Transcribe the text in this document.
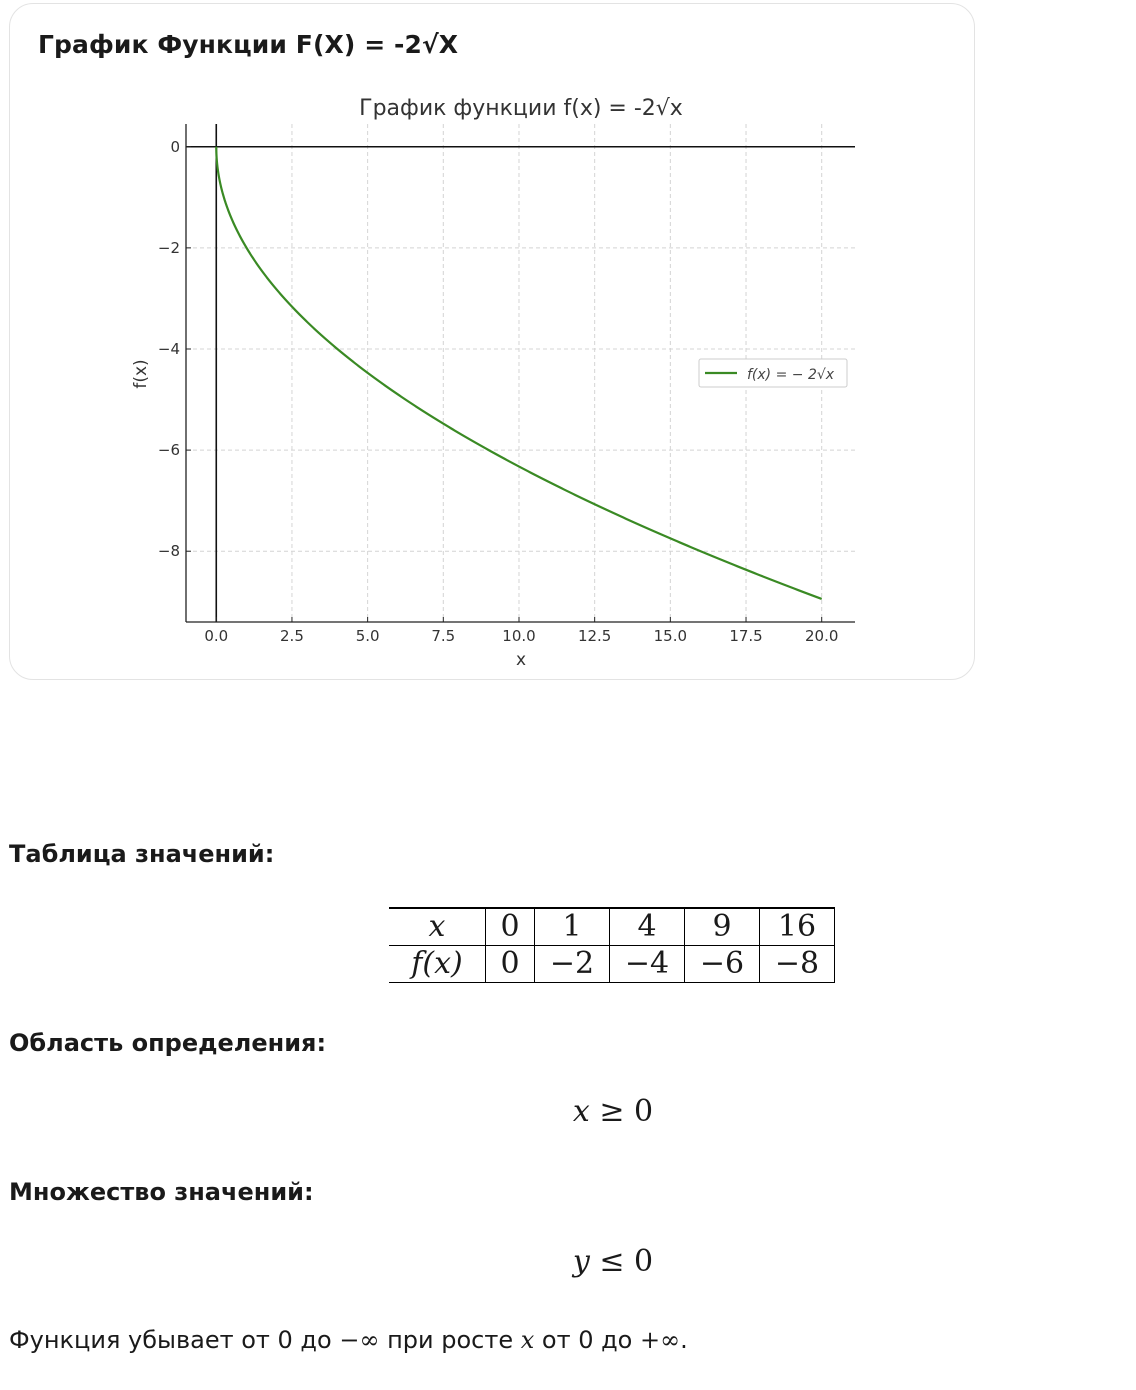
График Функции F(X) = -2√X
0.0	2.5	5.0	7.5	10.0	12.5	15.0	17.5	20.0
0
−2
−4
−6
−8
График функции f(x) = -2√x
x
f(x)	f(x) = − 2√x
Таблица значений:
x	0	1	4	9	16
f(x)	0	−2	−4	−6	−8
Область определения:
x ≥ 0
Множество значений:
y ≤ 0
Функция убывает от 0 до −∞ при росте x от 0 до +∞.
